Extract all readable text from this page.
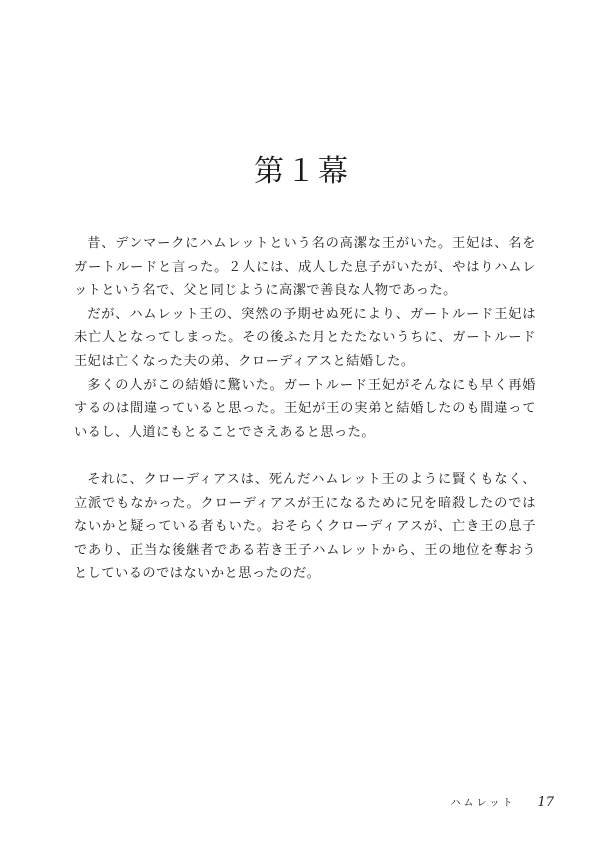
第１幕

昔、デンマークにハムレットという名の高潔な王がいた。王妃は、名をガートルードと言った。２人には、成人した息子がいたが、やはりハムレットという名で、父と同じように高潔で善良な人物であった。

だが、ハムレット王の、突然の予期せぬ死により、ガートルード王妃は未亡人となってしまった。その後ふた月とたたないうちに、ガートルード王妃は亡くなった夫の弟、クローディアスと結婚した。

多くの人がこの結婚に驚いた。ガートルード王妃がそんなにも早く再婚するのは間違っていると思った。王妃が王の実弟と結婚したのも間違っているし、人道にもとることでさえあると思った。

それに、クローディアスは、死んだハムレット王のように賢くもなく、立派でもなかった。クローディアスが王になるために兄を暗殺したのではないかと疑っている者もいた。おそらくクローディアスが、亡き王の息子であり、正当な後継者である若き王子ハムレットから、王の地位を奪おうとしているのではないかと思ったのだ。

ハムレット 17
